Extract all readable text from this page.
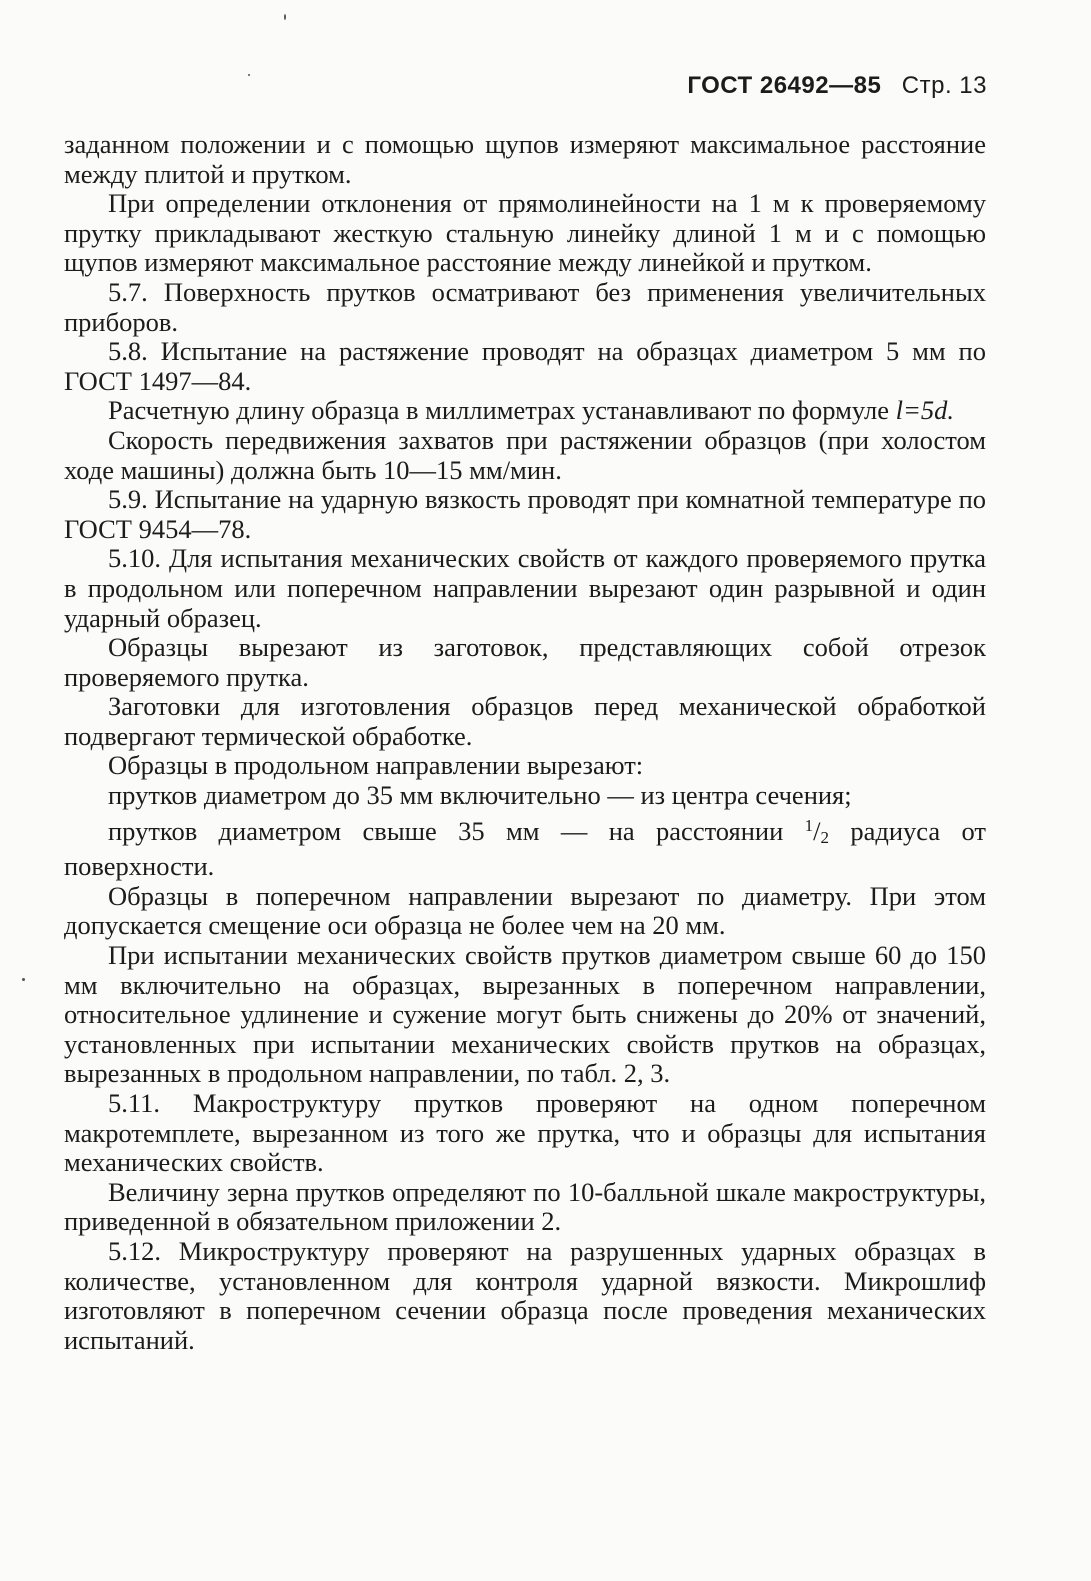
ГОСТ 26492—85 Стр. 13

заданном положении и с помощью щупов измеряют максимальное расстояние между плитой и прутком.

При определении отклонения от прямолинейности на 1 м к проверяемому прутку прикладывают жесткую стальную линейку длиной 1 м и с помощью щупов измеряют максимальное расстояние между линейкой и прутком.

5.7. Поверхность прутков осматривают без применения увеличительных приборов.

5.8. Испытание на растяжение проводят на образцах диаметром 5 мм по ГОСТ 1497—84.

Расчетную длину образца в миллиметрах устанавливают по формуле l=5d.

Скорость передвижения захватов при растяжении образцов (при холостом ходе машины) должна быть 10—15 мм/мин.

5.9. Испытание на ударную вязкость проводят при комнатной температуре по ГОСТ 9454—78.

5.10. Для испытания механических свойств от каждого проверяемого прутка в продольном или поперечном направлении вырезают один разрывной и один ударный образец.

Образцы вырезают из заготовок, представляющих собой отрезок проверяемого прутка.

Заготовки для изготовления образцов перед механической обработкой подвергают термической обработке.

Образцы в продольном направлении вырезают:

прутков диаметром до 35 мм включительно — из центра сечения;

прутков диаметром свыше 35 мм — на расстоянии $^1$/2 радиуса от поверхности.

Образцы в поперечном направлении вырезают по диаметру. При этом допускается смещение оси образца не более чем на 20 мм.

При испытании механических свойств прутков диаметром свыше 60 до 150 мм включительно на образцах, вырезанных в поперечном направлении, относительное удлинение и сужение могут быть снижены до 20% от значений, установленных при испытании механических свойств прутков на образцах, вырезанных в продольном направлении, по табл. 2, 3.

5.11. Макроструктуру прутков проверяют на одном поперечном макротемплете, вырезанном из того же прутка, что и образцы для испытания механических свойств.

Величину зерна прутков определяют по 10-балльной шкале макроструктуры, приведенной в обязательном приложении 2.

5.12. Микроструктуру проверяют на разрушенных ударных образцах в количестве, установленном для контроля ударной вязкости. Микрошлиф изготовляют в поперечном сечении образца после проведения механических испытаний.
